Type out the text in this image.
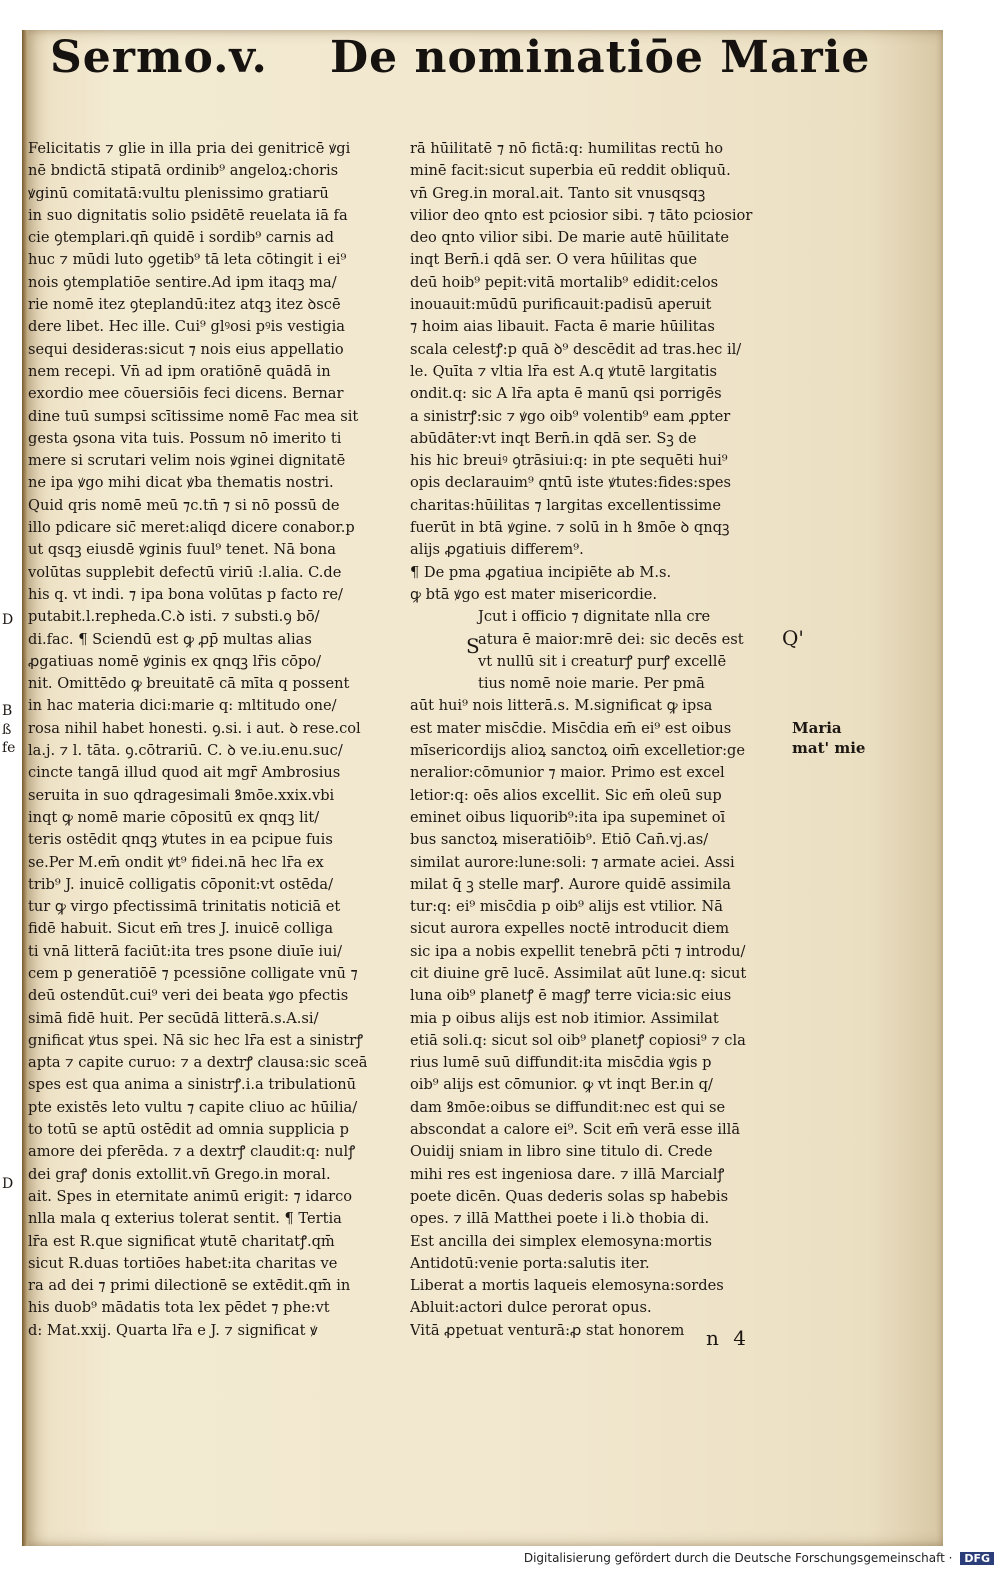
Sermo.v. De nominatiōe Marie
Felicitatis ⁊ glie in illa pria dei genitricē ꝟgi
nē bndictā stipatā ordinib⁹ angeloꝝ:choris
ꝟginū comitatā:vultu plenissimo gratiarū
in suo dignitatis solio psidētē reuelata iā fa
cie ꝯtemplari.qn̄ quidē i sordib⁹ carnis ad
huc ⁊ mūdi luto ꝯgetib⁹ tā leta cōtingit i ei⁹
nois ꝯtemplatiōe sentire.Ad ipm itaqꝫ ma/
rie nomē itez ꝯteplandū:itez atqꝫ itez ꝺscē
dere libet. Hec ille. Cui⁹ glꝰosi pꝰis vestigia
sequi desideras:sicut ⁊ nois eius appellatio
nem recepi. Vn̄ ad ipm oratiōnē quādā in
exordio mee cōuersiōis feci dicens. Bernar
dine tuū sumpsi scītissime nomē Fac mea sit
gesta ꝯsona vita tuis. Possum nō imerito ti
mere si scrutari velim nois ꝟginei dignitatē
ne ipa ꝟgo mihi dicat ꝟba thematis nostri.
Quid qris nomē meū ⁊c.tn̄ ⁊ si nō possū de
illo pdicare sic̄ meret:aliqd dicere conabor.p
ut qsqꝫ eiusdē ꝟginis fuul⁹ tenet. Nā bona
volūtas supplebit defectū viriū :l.alia. C.de
his q. vt indi. ⁊ ipa bona volūtas p facto re/
putabit.l.repheda.C.ꝺ isti. ⁊ substi.ꝯ bō/
di.fac. ¶ Sciendū est ꝙ ꝓp̄ multas alias
ꝓgatiuas nomē ꝟginis ex qnqꝫ lr̄is cōpo/
nit. Omittēdo ꝙ breuitatē cā mīta q possent
in hac materia dici:marie q: mltitudo one/
rosa nihil habet honesti. ꝯ.si. i aut. ꝺ rese.col
la.j. ⁊ l. tāta. ꝯ.cōtrariū. C. ꝺ ve.iu.enu.suc/
cincte tangā illud quod ait mgr̄ Ambrosius
seruita in suo qdragesimali ꝸmōe.xxix.vbi
inqt ꝙ nomē marie cōpositū ex qnqꝫ lit/
teris ostēdit qnqꝫ ꝟtutes in ea pcipue fuis
se.Per M.em̄ ondit ꝟt⁹ fidei.nā hec lr̄a ex
trib⁹ J. inuicē colligatis cōponit:vt ostēda/
tur ꝙ virgo pfectissimā trinitatis noticiā et
fidē habuit. Sicut em̄ tres J. inuicē colliga
ti vnā litterā faciūt:ita tres psone diuīe iui/
cem p generatiōē ⁊ pcessiōne colligate vnū ⁊
deū ostendūt.cui⁹ veri dei beata ꝟgo pfectis
simā fidē huit. Per secūdā litterā.s.A.si/
gnificat ꝟtus spei. Nā sic hec lr̄a est a sinistrꝭ
apta ⁊ capite curuo: ⁊ a dextrꝭ clausa:sic sceā
spes est qua anima a sinistrꝭ.i.a tribulationū
pte existēs leto vultu ⁊ capite cliuo ac hūilia/
to totū se aptū ostēdit ad omnia supplicia p
amore dei pferēda. ⁊ a dextrꝭ claudit:q: nulꝭ
dei graꝭ donis extollit.vn̄ Grego.in moral.
ait. Spes in eternitate animū erigit: ⁊ idarco
nlla mala q exterius tolerat sentit. ¶ Tertia
lr̄a est R.que significat ꝟtutē charitatꝭ.qm̄
sicut R.duas tortiōes habet:ita charitas ve
ra ad dei ⁊ primi dilectionē se extēdit.qm̄ in
his duob⁹ mādatis tota lex pēdet ⁊ phe:vt
d: Mat.xxij. Quarta lr̄a e J. ⁊ significat ꝟ
rā hūilitatē ⁊ nō fictā:q: humilitas rectū ho
minē facit:sicut superbia eū reddit obliquū.
vn̄ Greg.in moral.ait. Tanto sit vnusqsqꝫ
vilior deo qnto est pciosior sibi. ⁊ tāto pciosior
deo qnto vilior sibi. De marie autē hūilitate
inqt Bern̄.i qdā ser. O vera hūilitas que
deū hoib⁹ pepit:vitā mortalib⁹ edidit:celos
inouauit:mūdū purificauit:padisū aperuit
⁊ hoim aias libauit. Facta ē marie hūilitas
scala celestꝭ:p quā ꝺ⁹ descēdit ad tras.hec il/
le. Quīta ⁊ vltia lr̄a est A.q ꝟtutē largitatis
ondit.q: sic A lr̄a apta ē manū qsi porrigēs
a sinistrꝭ:sic ⁊ ꝟgo oib⁹ volentib⁹ eam ꝓpter
abūdāter:vt inqt Bern̄.in qdā ser. Sꝫ de
his hic breuiꝰ ꝯtrāsiui:q: in pte sequēti hui⁹
opis declarauim⁹ qntū iste ꝟtutes:fides:spes
charitas:hūilitas ⁊ largitas excellentissime
fuerūt in btā ꝟgine. ⁊ solū in h ꝸmōe ꝺ qnqꝫ
alijs ꝓgatiuis differem⁹.
¶ De pma ꝓgatiua incipiēte ab M.s.
ꝙ btā ꝟgo est mater misericordie.
Jcut i officio ⁊ dignitate nlla cre
atura ē maior:mrē dei: sic decēs est
vt nullū sit i creaturꝭ purꝭ excellē
tius nomē noie marie. Per pmā
aūt hui⁹ nois litterā.s. M.significat ꝙ ipsa
est mater misc̄die. Misc̄dia em̄ ei⁹ est oibus
mīsericordijs alioꝝ sanctoꝝ oim̄ excelletior:ge
neralior:cōmunior ⁊ maior. Primo est excel
letior:q: oēs alios excellit. Sic em̄ oleū sup
eminet oibus liquorib⁹:ita ipa supeminet oī
bus sanctoꝝ miseratiōib⁹. Etiō Can̄.vj.as/
similat aurore:lune:soli: ⁊ armate aciei. Assi
milat q̄ ꝫ stelle marꝭ. Aurore quidē assimila
tur:q: ei⁹ misc̄dia p oib⁹ alijs est vtilior. Nā
sicut aurora expelles noctē introducit diem
sic ipa a nobis expellit tenebrā pc̄ti ⁊ introdu/
cit diuine grē lucē. Assimilat aūt lune.q: sicut
luna oib⁹ planetꝭ ē magꝭ terre vicia:sic eius
mia p oibus alijs est nob itimior. Assimilat
etiā soli.q: sicut sol oib⁹ planetꝭ copiosi⁹ ⁊ cla
rius lumē suū diffundit:ita misc̄dia ꝟgis p
oib⁹ alijs est cōmunior. ꝙ vt inqt Ber.in q/
dam ꝸmōe:oibus se diffundit:nec est qui se
abscondat a calore ei⁹. Scit em̄ verā esse illā
Ouidij sniam in libro sine titulo di. Crede
mihi res est ingeniosa dare. ⁊ illā Marcialꝭ
poete dicēn. Quas dederis solas sp habebis
opes. ⁊ illā Matthei poete i li.ꝺ thobia di.
Est ancilla dei simplex elemosyna:mortis
Antidotū:venie porta:salutis iter.
Liberat a mortis laqueis elemosyna:sordes
Abluit:actori dulce perorat opus.
Vitā ꝓpetuat venturā:ꝓ stat honorem
S	Q'
Maria
mat' mie
n 4
D
B
ß
fe
D
Digitalisierung gefördert durch die Deutsche Forschungsgemeinschaft · DFG
